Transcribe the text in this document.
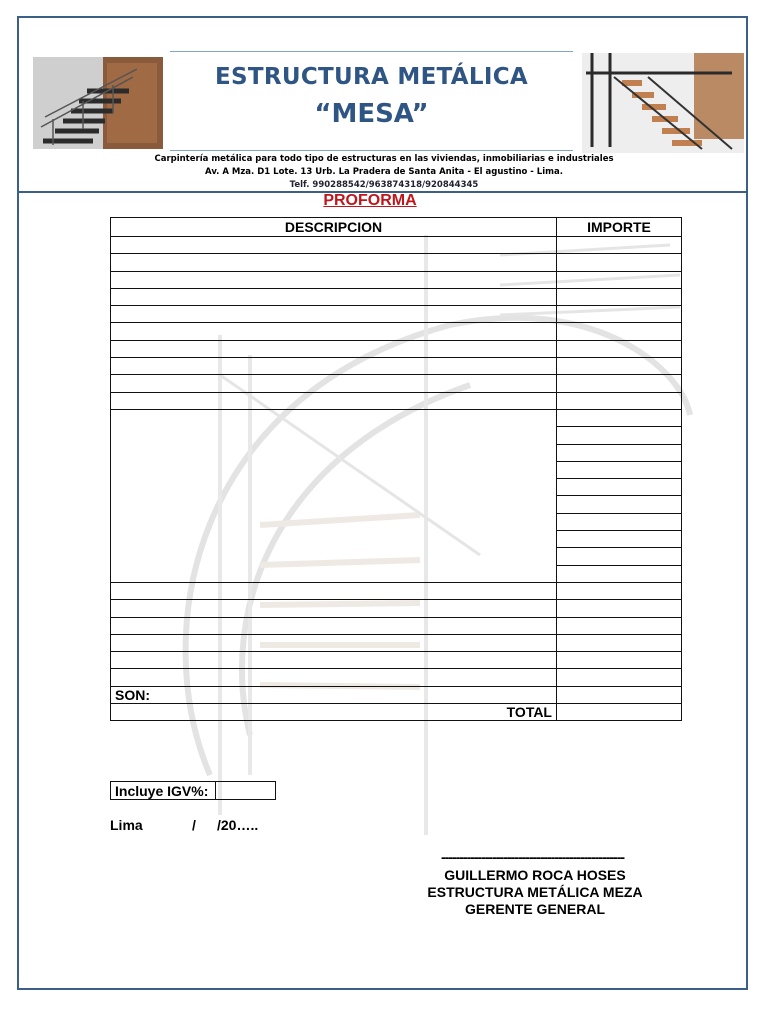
ESTRUCTURA METÁLICA
“MESA”
Carpintería metálica para todo tipo de estructuras en las viviendas, inmobiliarias e industriales
Av. A Mza. D1 Lote. 13 Urb. La Pradera de Santa Anita - El agustino - Lima.
Telf. 990288542/963874318/920844345
PROFORMA
DESCRIPCION	IMPORTE

SON:	
TOTAL	
Incluye IGV%:
Lima	/ /20…..
--------------------------------------------------
GUILLERMO ROCA HOSES
ESTRUCTURA METÁLICA MEZA
GERENTE GENERAL
